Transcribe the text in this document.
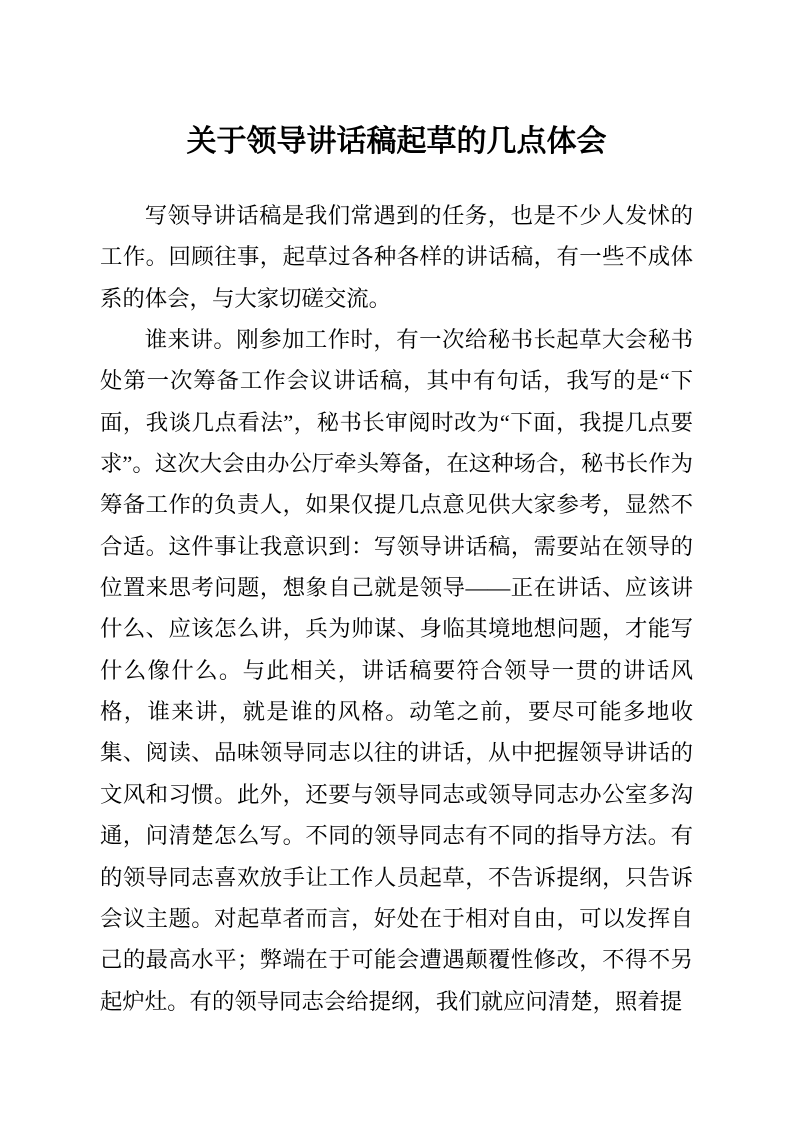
关于领导讲话稿起草的几点体会

写领导讲话稿是我们常遇到的任务，也是不少人发怵的工作。回顾往事，起草过各种各样的讲话稿，有一些不成体系的体会，与大家切磋交流。

谁来讲。刚参加工作时，有一次给秘书长起草大会秘书处第一次筹备工作会议讲话稿，其中有句话，我写的是“下面，我谈几点看法”，秘书长审阅时改为“下面，我提几点要求”。这次大会由办公厅牵头筹备，在这种场合，秘书长作为筹备工作的负责人，如果仅提几点意见供大家参考，显然不合适。这件事让我意识到：写领导讲话稿，需要站在领导的位置来思考问题，想象自己就是领导——正在讲话、应该讲什么、应该怎么讲，兵为帅谋、身临其境地想问题，才能写什么像什么。与此相关，讲话稿要符合领导一贯的讲话风格，谁来讲，就是谁的风格。动笔之前，要尽可能多地收集、阅读、品味领导同志以往的讲话，从中把握领导讲话的文风和习惯。此外，还要与领导同志或领导同志办公室多沟通，问清楚怎么写。不同的领导同志有不同的指导方法。有的领导同志喜欢放手让工作人员起草，不告诉提纲，只告诉会议主题。对起草者而言，好处在于相对自由，可以发挥自己的最高水平；弊端在于可能会遭遇颠覆性修改，不得不另起炉灶。有的领导同志会给提纲，我们就应问清楚，照着提
